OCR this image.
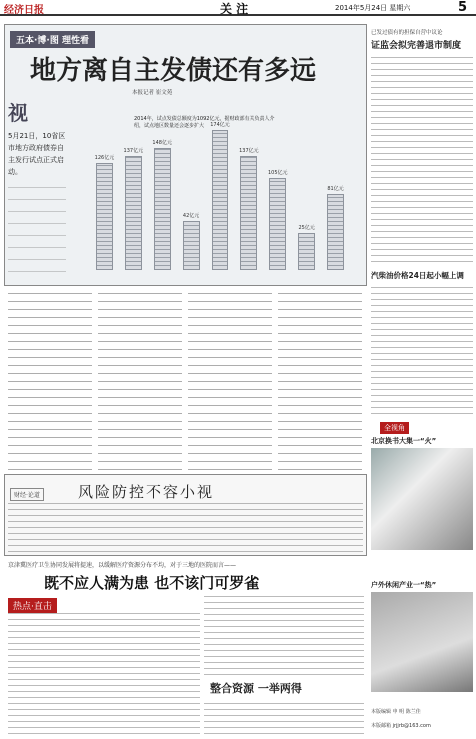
经济日报	关 注	2014年5月24日 星期六	5
五本·博·图 理性看
地方离自主发债还有多远
本报记者 崔文苑
视
5月21日，10省区市地方政府债券自主发行试点正式启动。
2014年，试点发债总额度为1092亿元，据财政部有关负责人介绍，试点地区数量还会逐步扩大
126亿元
137亿元
148亿元
42亿元
174亿元
137亿元
105亿元
25亿元
81亿元
财经·论道	风险防控不容小视
京津冀医疗卫生协同发展将提速，以缓解医疗资源分布不均，对于三地的医院而言——
既不应人满为患 也不该门可罗雀
热点·直击
整合资源 一举两得
已发过债有的担保自营中议论
证监会拟完善退市制度
汽柴油价格24日起小幅上调
全视角
北京换书大集一“火”
户外休闲产业一“热”
本版编辑 申 明 陈兰佳
本版邮箱 jrjjrb@163.com
